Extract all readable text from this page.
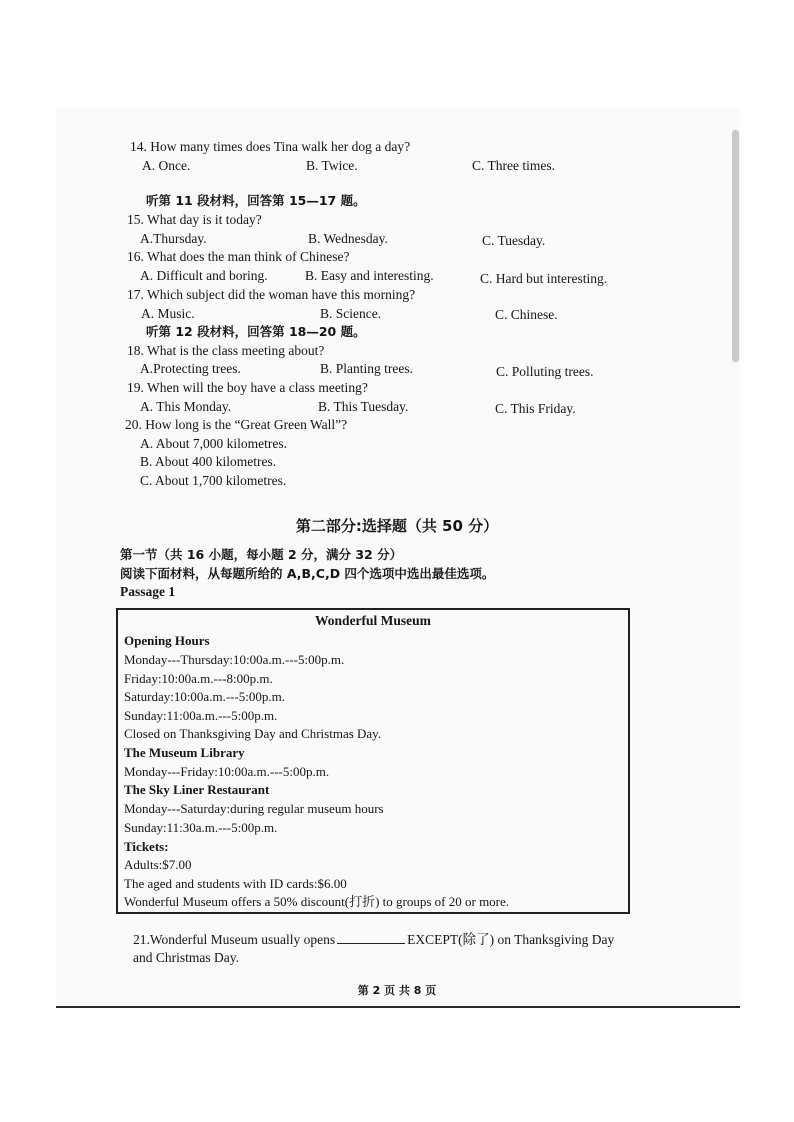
14. How many times does Tina walk her dog a day?
A. Once.	B. Twice.	C. Three times.
听第 11 段材料，回答第 15—17 题。
15. What day is it today?
A.Thursday.	B. Wednesday.	C. Tuesday.
16. What does the man think of Chinese?
A. Difficult and boring.	B. Easy and interesting.	C. Hard but interesting.
17. Which subject did the woman have this morning?
A. Music.	B. Science.	C. Chinese.
听第 12 段材料，回答第 18—20 题。
18. What is the class meeting about?
A.Protecting trees.	B. Planting trees.	C. Polluting trees.
19. When will the boy have a class meeting?
A. This Monday.	B. This Tuesday.	C. This Friday.
20. How long is the “Great Green Wall”?
A. About 7,000 kilometres.
B. About 400 kilometres.
C. About 1,700 kilometres.
第二部分:选择题（共 50 分）
第一节（共 16 小题，每小题 2 分，满分 32 分）
阅读下面材料，从每题所给的 A,B,C,D 四个选项中选出最佳选项。
Passage 1
Wonderful Museum
Opening Hours
Monday---Thursday:10:00a.m.---5:00p.m.
Friday:10:00a.m.---8:00p.m.
Saturday:10:00a.m.---5:00p.m.
Sunday:11:00a.m.---5:00p.m.
Closed on Thanksgiving Day and Christmas Day.
The Museum Library
Monday---Friday:10:00a.m.---5:00p.m.
The Sky Liner Restaurant
Monday---Saturday:during regular museum hours
Sunday:11:30a.m.---5:00p.m.
Tickets:
Adults:$7.00
The aged and students with ID cards:$6.00
Wonderful Museum offers a 50% discount(打折) to groups of 20 or more.
21.Wonderful Museum usually opens	EXCEPT(除了) on Thanksgiving Day
and Christmas Day.
第 2 页 共 8 页
